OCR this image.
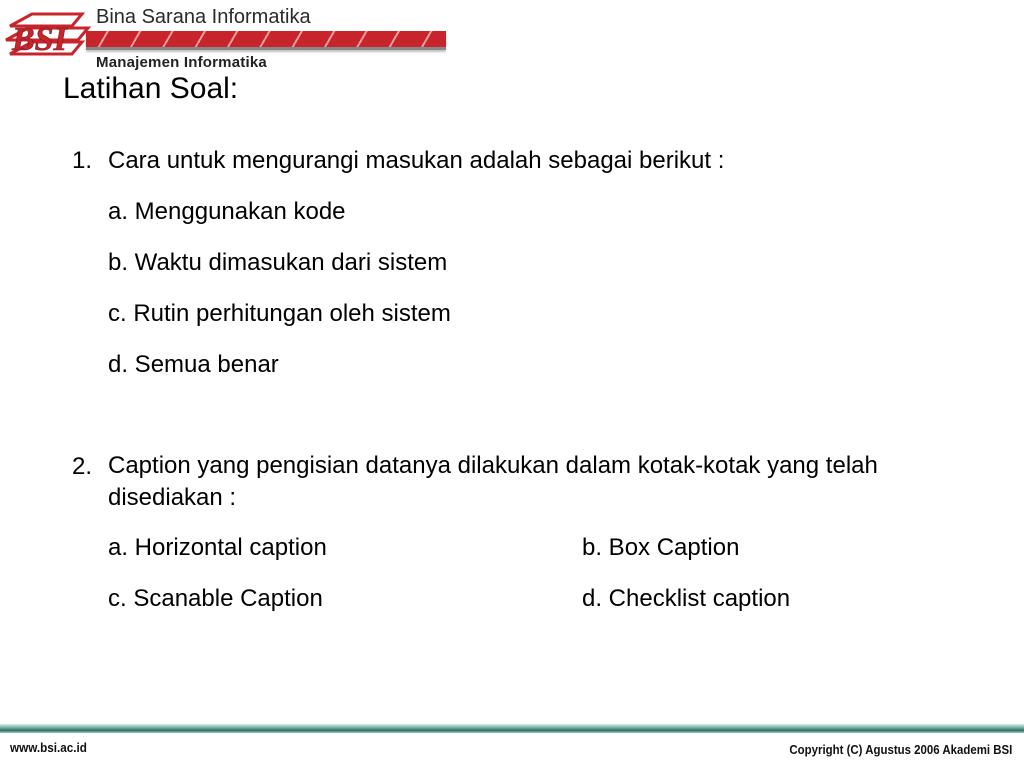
BSI
Bina Sarana Informatika
Manajemen Informatika
Latihan Soal:
1. Cara untuk mengurangi masukan adalah sebagai berikut :
a. Menggunakan kode
b. Waktu dimasukan dari sistem
c. Rutin perhitungan oleh sistem
d. Semua benar
2. Caption yang pengisian datanya dilakukan dalam kotak-kotak yang telah disediakan :
a. Horizontal caption	b. Box Caption
c. Scanable Caption	d. Checklist caption
www.bsi.ac.id	Copyright (C) Agustus 2006 Akademi BSI
